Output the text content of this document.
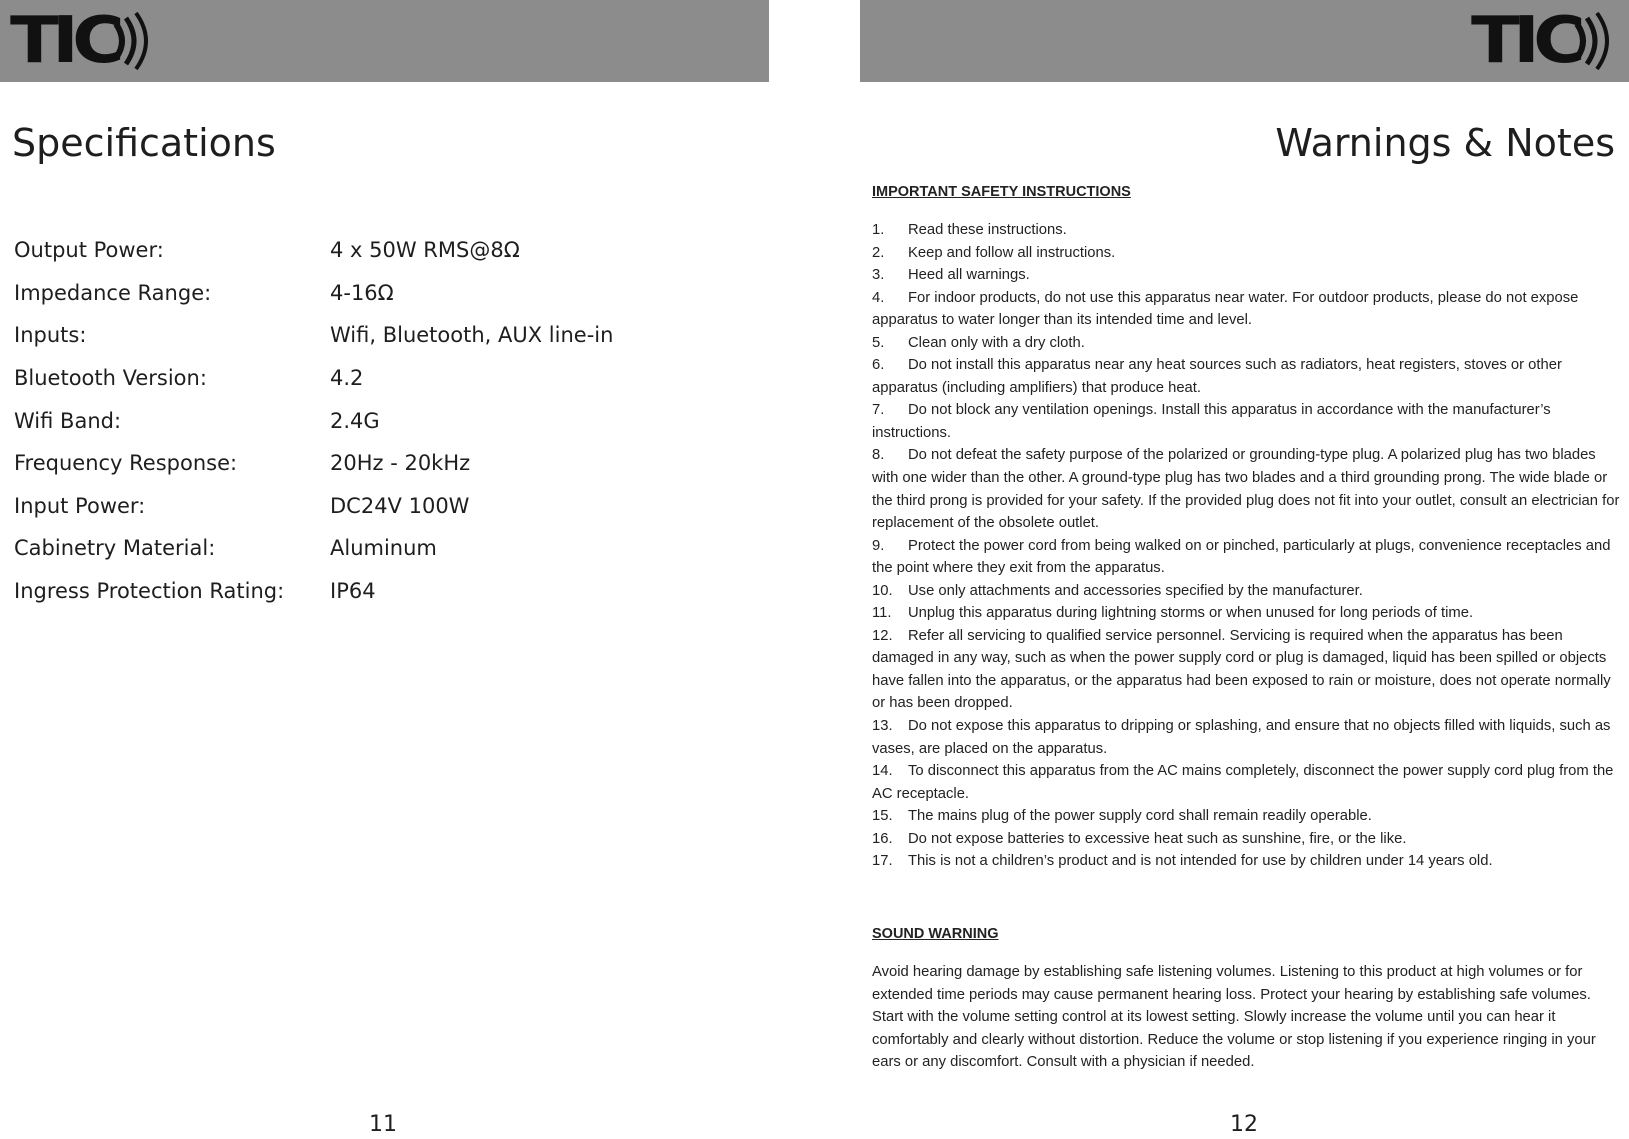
TIC
Specifications
Output Power:	4 x 50W RMS@8Ω
Impedance Range:	4-16Ω
Inputs:	Wifi, Bluetooth, AUX line-in
Bluetooth Version:	4.2
Wifi Band:	2.4G
Frequency Response:	20Hz - 20kHz
Input Power:	DC24V 100W
Cabinetry Material:	Aluminum
Ingress Protection Rating:	IP64
11
TIC
Warnings & Notes
IMPORTANT SAFETY INSTRUCTIONS
1. Read these instructions.
2. Keep and follow all instructions.
3. Heed all warnings.
4. For indoor products, do not use this apparatus near water. For outdoor products, please do not expose apparatus to water longer than its intended time and level.
5. Clean only with a dry cloth.
6. Do not install this apparatus near any heat sources such as radiators, heat registers, stoves or other apparatus (including amplifiers) that produce heat.
7. Do not block any ventilation openings. Install this apparatus in accordance with the manufacturer’s instructions.
8. Do not defeat the safety purpose of the polarized or grounding-type plug. A polarized plug has two blades with one wider than the other. A ground-type plug has two blades and a third grounding prong. The wide blade or the third prong is provided for your safety. If the provided plug does not fit into your outlet, consult an electrician for replacement of the obsolete outlet.
9. Protect the power cord from being walked on or pinched, particularly at plugs, convenience receptacles and the point where they exit from the apparatus.
10. Use only attachments and accessories specified by the manufacturer.
11. Unplug this apparatus during lightning storms or when unused for long periods of time.
12. Refer all servicing to qualified service personnel. Servicing is required when the apparatus has been damaged in any way, such as when the power supply cord or plug is damaged, liquid has been spilled or objects have fallen into the apparatus, or the apparatus had been exposed to rain or moisture, does not operate normally or has been dropped.
13. Do not expose this apparatus to dripping or splashing, and ensure that no objects filled with liquids, such as vases, are placed on the apparatus.
14. To disconnect this apparatus from the AC mains completely, disconnect the power supply cord plug from the AC receptacle.
15. The mains plug of the power supply cord shall remain readily operable.
16. Do not expose batteries to excessive heat such as sunshine, fire, or the like.
17. This is not a children’s product and is not intended for use by children under 14 years old.
SOUND WARNING

Avoid hearing damage by establishing safe listening volumes. Listening to this product at high volumes or for extended time periods may cause permanent hearing loss. Protect your hearing by establishing safe volumes. Start with the volume setting control at its lowest setting. Slowly increase the volume until you can hear it comfortably and clearly without distortion. Reduce the volume or stop listening if you experience ringing in your ears or any discomfort. Consult with a physician if needed.

12
